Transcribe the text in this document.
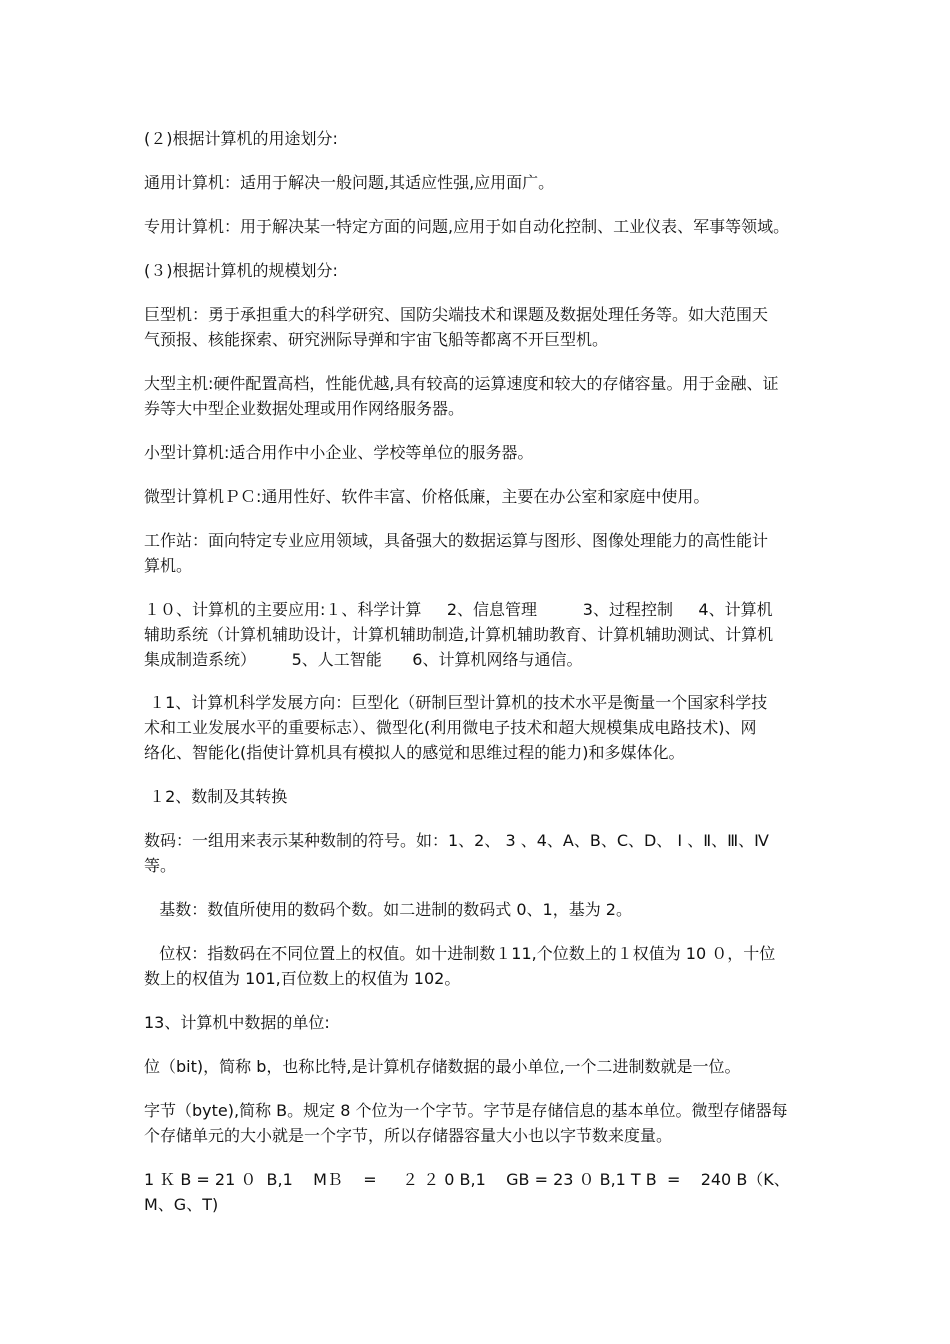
(２)根据计算机的用途划分:
通用计算机：适用于解决一般问题,其适应性强,应用面广。
专用计算机：用于解决某一特定方面的问题,应用于如自动化控制、工业仪表、军事等领域。
(３)根据计算机的规模划分:
巨型机：勇于承担重大的科学研究、国防尖端技术和课题及数据处理任务等。如大范围天
气预报、核能探索、研究洲际导弹和宇宙飞船等都离不开巨型机。
大型主机:硬件配置高档，性能优越,具有较高的运算速度和较大的存储容量。用于金融、证
券等大中型企业数据处理或用作网络服务器。
小型计算机:适合用作中小企业、学校等单位的服务器。
微型计算机ＰＣ:通用性好、软件丰富、价格低廉，主要在办公室和家庭中使用。
工作站：面向特定专业应用领域，具备强大的数据运算与图形、图像处理能力的高性能计
算机。
１０、计算机的主要应用:１、科学计算     2、信息管理         3、过程控制     4、计算机
辅助系统（计算机辅助设计，计算机辅助制造,计算机辅助教育、计算机辅助测试、计算机
集成制造系统）       5、人工智能      6、计算机网络与通信。
１1、计算机科学发展方向：巨型化（研制巨型计算机的技术水平是衡量一个国家科学技
术和工业发展水平的重要标志）、微型化(利用微电子技术和超大规模集成电路技术)、网
络化、智能化(指使计算机具有模拟人的感觉和思维过程的能力)和多媒体化。
１2、数制及其转换
数码：一组用来表示某种数制的符号。如：1、2、 3 、4、A、B、C、D、 Ⅰ 、Ⅱ、Ⅲ、Ⅳ
等。
基数：数值所使用的数码个数。如二进制的数码式 0、1，基为 2。
位权：指数码在不同位置上的权值。如十进制数１11,个位数上的１权值为 10 ０，十位
数上的权值为 101,百位数上的权值为 102。
13、计算机中数据的单位:
位（bit)，简称 b，也称比特,是计算机存储数据的最小单位,一个二进制数就是一位。
字节（byte),简称 B。规定 8 个位为一个字节。字节是存储信息的基本单位。微型存储器每
个存储单元的大小就是一个字节，所以存储器容量大小也以字节数来度量。
1 Ｋ B = 21 ０  B,1    MＢ    =     ２ ２ 0 B,1    GB = 23 ０ B,1 T B  =    240 B（K、
M、G、T)
